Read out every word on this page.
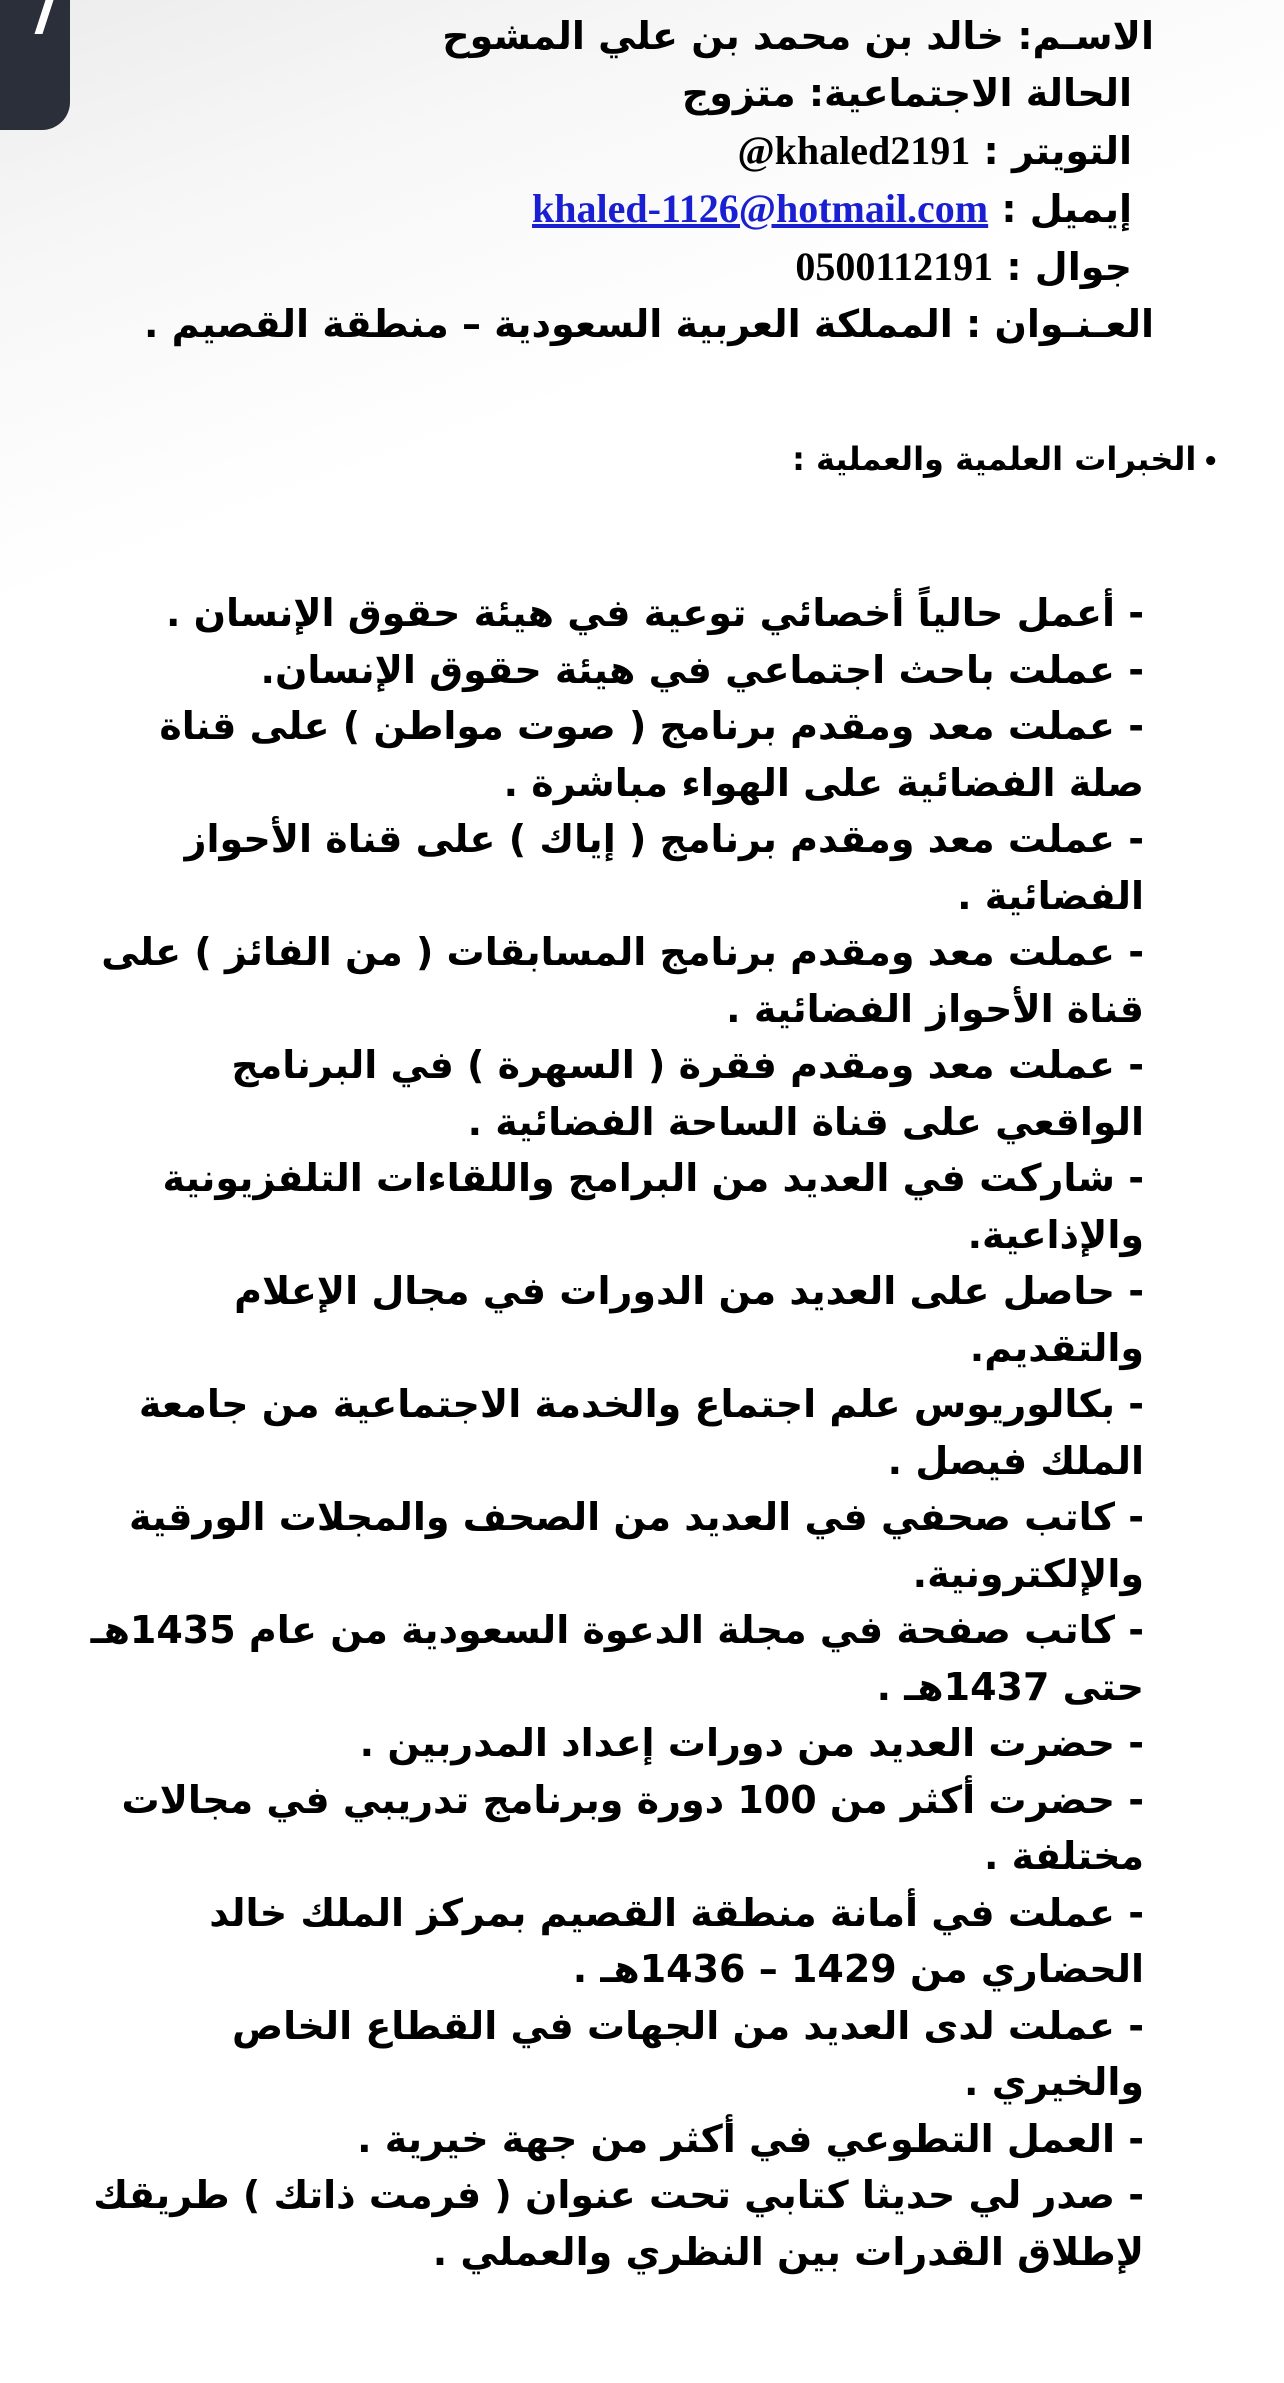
الاسـم: خالد بن محمد بن علي المشوح
الحالة الاجتماعية: متزوج
التويتر : @khaled2191
إيميل : khaled-1126@hotmail.com
جوال : 0500112191
العـنـوان : المملكة العربية السعودية – منطقة القصيم .
•الخبرات العلمية والعملية :
- أعمل حالياً أخصائي توعية في هيئة حقوق الإنسان .
- عملت باحث اجتماعي في هيئة حقوق الإنسان.
- عملت معد ومقدم برنامج ( صوت مواطن ) على قناة صلة الفضائية على الهواء مباشرة .
- عملت معد ومقدم برنامج ( إياك ) على قناة الأحواز الفضائية .
- عملت معد ومقدم برنامج المسابقات ( من الفائز ) على قناة الأحواز الفضائية .
- عملت معد ومقدم فقرة ( السهرة ) في البرنامج الواقعي على قناة الساحة الفضائية .
- شاركت في العديد من البرامج واللقاءات التلفزيونية والإذاعية.
- حاصل على العديد من الدورات في مجال الإعلام والتقديم.
- بكالوريوس علم اجتماع والخدمة الاجتماعية من جامعة الملك فيصل .
- كاتب صحفي في العديد من الصحف والمجلات الورقية والإلكترونية.
- كاتب صفحة في مجلة الدعوة السعودية من عام 1435هـ حتى 1437هـ .
- حضرت العديد من دورات إعداد المدربين .
- حضرت أكثر من 100 دورة وبرنامج تدريبي في مجالات مختلفة .
- عملت في أمانة منطقة القصيم بمركز الملك خالد الحضاري من 1429 – 1436هـ .
- عملت لدى العديد من الجهات في القطاع الخاص والخيري .
- العمل التطوعي في أكثر من جهة خيرية .
- صدر لي حديثا كتابي تحت عنوان ( فرمت ذاتك ) طريقك لإطلاق القدرات بين النظري والعملي .
